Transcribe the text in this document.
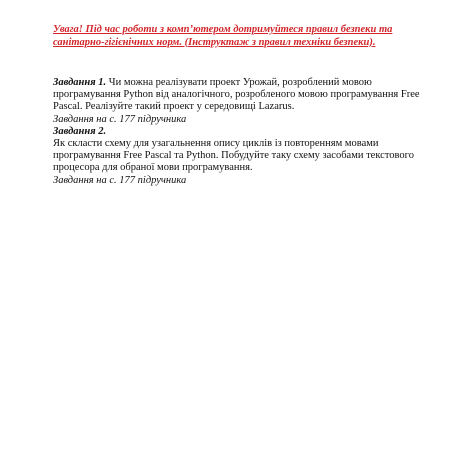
Увага! Під час роботи з комп’ютером дотримуйтеся правил безпеки та санітарно-гігієнічних норм. (Інструктаж з правил техніки безпеки).

Завдання 1. Чи можна реалізувати проект Урожай, розроблений мовою програмування Python від аналогічного, розробленого мовою програмування Free Pascal. Реалізуйте такий проект у середовищі Lazarus.

Завдання на с. 177 підручника

Завдання 2.

Як скласти схему для узагальнення опису циклів із повторенням мовами програмування Free Pascal та Python. Побудуйте таку схему засобами текстового процесора для обраної мови програмування.

Завдання на с. 177 підручника
